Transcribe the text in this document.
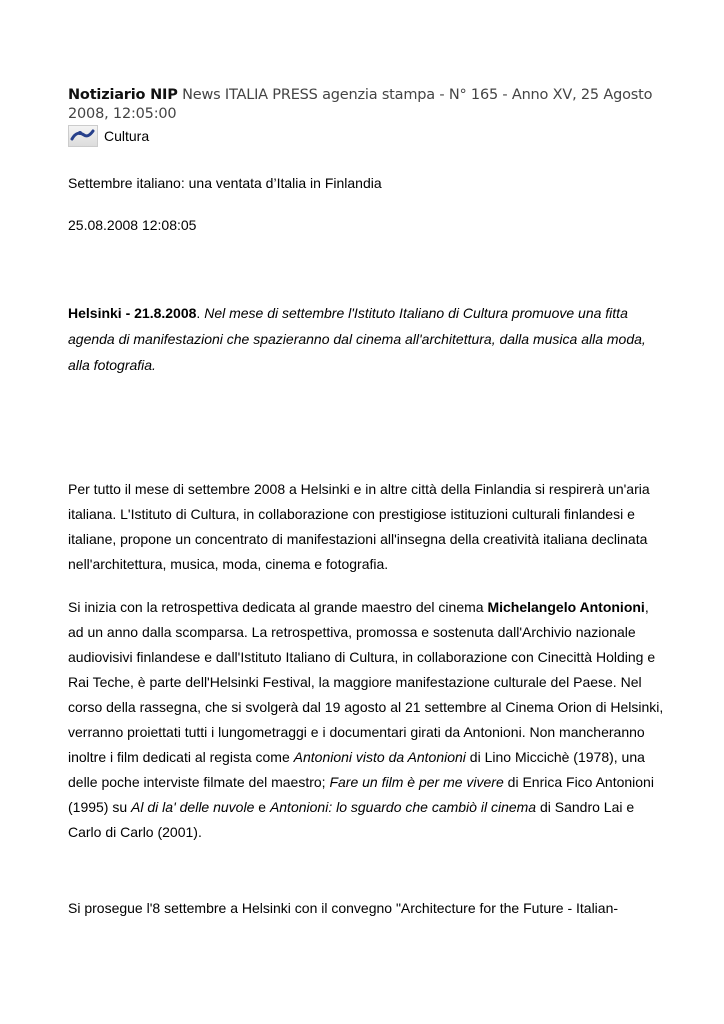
Notiziario NIP News ITALIA PRESS agenzia stampa - N° 165 - Anno XV, 25 Agosto 2008, 12:05:00
Cultura
Settembre italiano: una ventata d’Italia in Finlandia
25.08.2008 12:08:05
Helsinki - 21.8.2008. Nel mese di settembre l'Istituto Italiano di Cultura promuove una fitta agenda di manifestazioni che spazieranno dal cinema all'architettura, dalla musica alla moda, alla fotografia.
Per tutto il mese di settembre 2008 a Helsinki e in altre città della Finlandia si respirerà un'aria italiana. L'Istituto di Cultura, in collaborazione con prestigiose istituzioni culturali finlandesi e italiane, propone un concentrato di manifestazioni all'insegna della creatività italiana declinata nell'architettura, musica, moda, cinema e fotografia.
Si inizia con la retrospettiva dedicata al grande maestro del cinema Michelangelo Antonioni, ad un anno dalla scomparsa. La retrospettiva, promossa e sostenuta dall'Archivio nazionale audiovisivi finlandese e dall'Istituto Italiano di Cultura, in collaborazione con Cinecittà Holding e Rai Teche, è parte dell'Helsinki Festival, la maggiore manifestazione culturale del Paese. Nel corso della rassegna, che si svolgerà dal 19 agosto al 21 settembre al Cinema Orion di Helsinki, verranno proiettati tutti i lungometraggi e i documentari girati da Antonioni. Non mancheranno inoltre i film dedicati al regista come Antonioni visto da Antonioni di Lino Miccichè (1978), una delle poche interviste filmate del maestro; Fare un film è per me vivere di Enrica Fico Antonioni (1995) su Al di la' delle nuvole e Antonioni: lo sguardo che cambiò il cinema di Sandro Lai e Carlo di Carlo (2001).
Si prosegue l'8 settembre a Helsinki con il convegno "Architecture for the Future - Italian-
